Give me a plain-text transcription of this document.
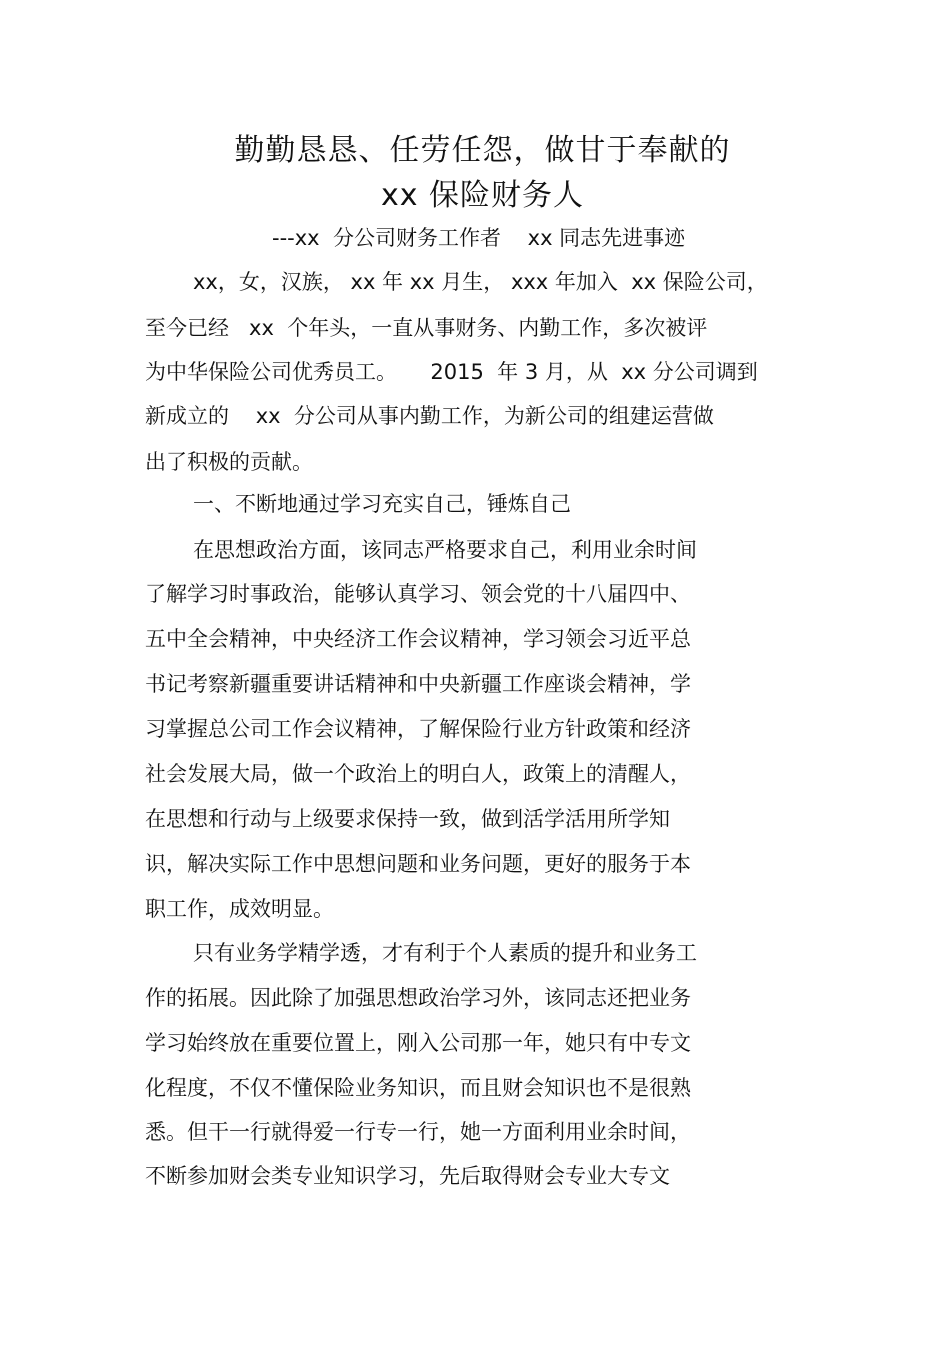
勤勤恳恳、任劳任怨，做甘于奉献的
xx 保险财务人
---xx  分公司财务工作者    xx 同志先进事迹
xx，女，汉族， xx 年 xx 月生， xxx 年加入  xx 保险公司，
至今已经   xx  个年头，一直从事财务、内勤工作，多次被评
为中华保险公司优秀员工。     2015  年 3 月，从  xx 分公司调到
新成立的    xx  分公司从事内勤工作，为新公司的组建运营做
出了积极的贡献。
一、不断地通过学习充实自己，锤炼自己
在思想政治方面，该同志严格要求自己，利用业余时间
了解学习时事政治，能够认真学习、领会党的十八届四中、
五中全会精神，中央经济工作会议精神，学习领会习近平总
书记考察新疆重要讲话精神和中央新疆工作座谈会精神，学
习掌握总公司工作会议精神，了解保险行业方针政策和经济
社会发展大局，做一个政治上的明白人，政策上的清醒人，
在思想和行动与上级要求保持一致，做到活学活用所学知
识，解决实际工作中思想问题和业务问题，更好的服务于本
职工作，成效明显。
只有业务学精学透，才有利于个人素质的提升和业务工
作的拓展。因此除了加强思想政治学习外，该同志还把业务
学习始终放在重要位置上，刚入公司那一年，她只有中专文
化程度，不仅不懂保险业务知识，而且财会知识也不是很熟
悉。但干一行就得爱一行专一行，她一方面利用业余时间，
不断参加财会类专业知识学习，先后取得财会专业大专文
